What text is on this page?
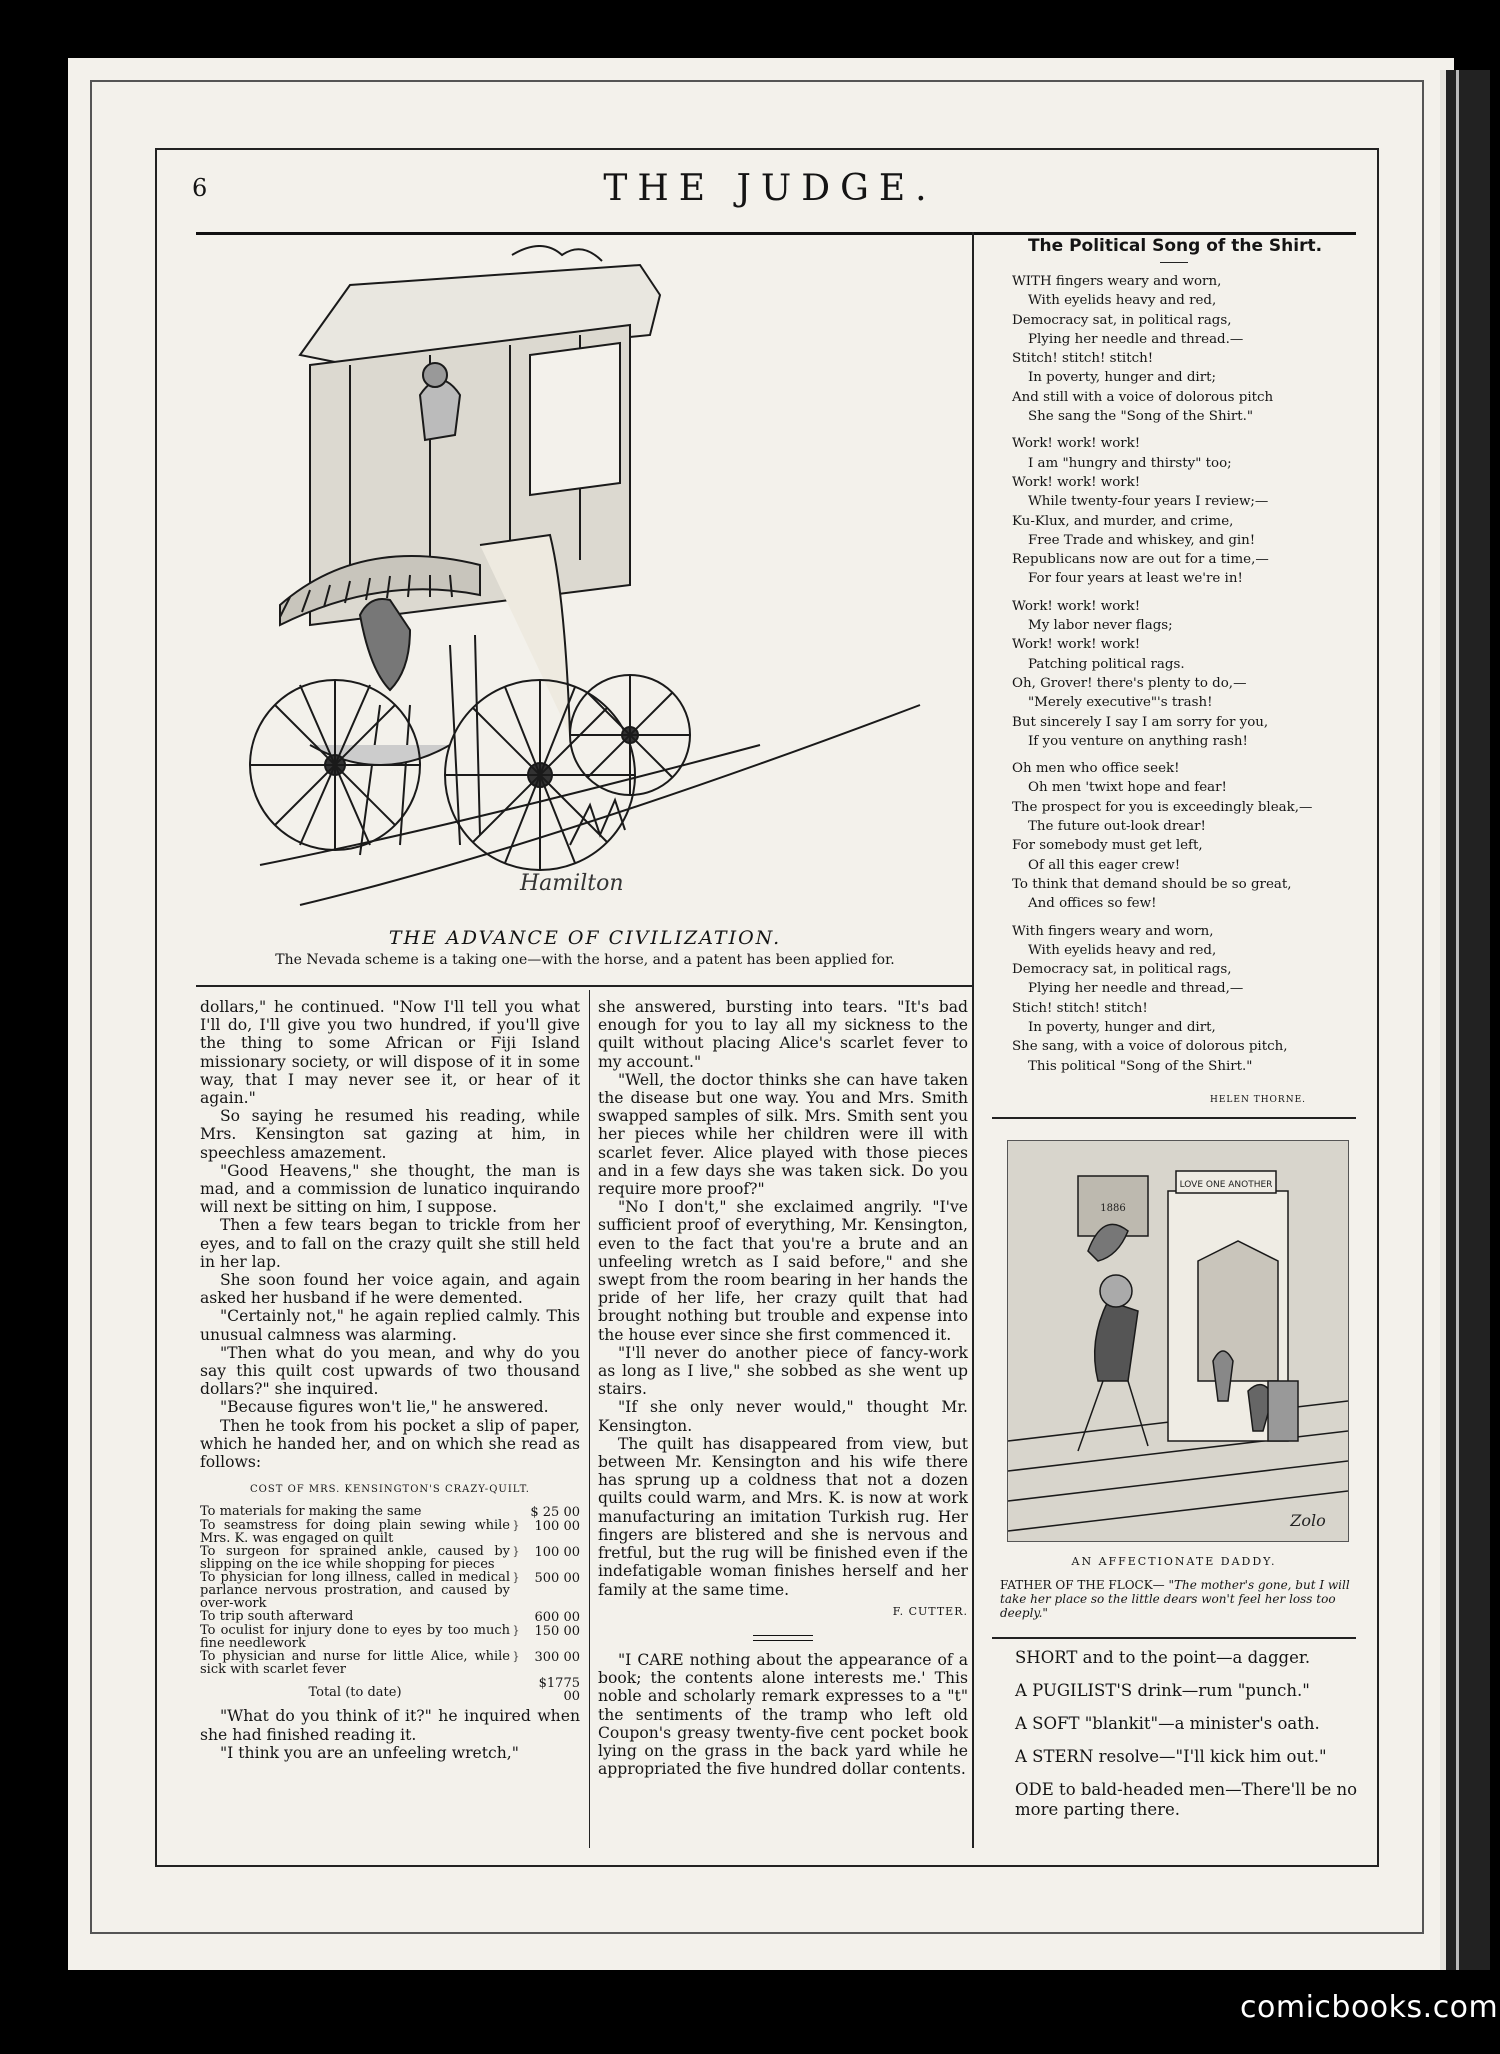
6	THE JUDGE.
Hamilton
THE ADVANCE OF CIVILIZATION.
The Nevada scheme is a taking one—with the horse, and a patent has been applied for.

dollars," he continued. "Now I'll tell you what I'll do, I'll give you two hundred, if you'll give the thing to some African or Fiji Island missionary society, or will dispose of it in some way, that I may never see it, or hear of it again."

So saying he resumed his reading, while Mrs. Kensington sat gazing at him, in speechless amazement.

"Good Heavens," she thought, the man is mad, and a commission de lunatico inquirando will next be sitting on him, I suppose.

Then a few tears began to trickle from her eyes, and to fall on the crazy quilt she still held in her lap.

She soon found her voice again, and again asked her husband if he were demented.

"Certainly not," he again replied calmly. This unusual calmness was alarming.

"Then what do you mean, and why do you say this quilt cost upwards of two thousand dollars?" she inquired.

"Because figures won't lie," he answered.

Then he took from his pocket a slip of paper, which he handed her, and on which she read as follows:

COST OF MRS. KENSINGTON'S CRAZY-QUILT.

To materials for making the same		$ 25 00
To seamstress for doing plain sewing while Mrs. K. was engaged on quilt	}	100 00
To surgeon for sprained ankle, caused by slipping on the ice while shopping for pieces	}	100 00
To physician for long illness, called in medical parlance nervous prostration, and caused by over-work	}	500 00
To trip south afterward		600 00
To oculist for injury done to eyes by too much fine needlework	}	150 00
To physician and nurse for little Alice, while sick with scarlet fever	}	300 00
Total (to date)		$1775 00

"What do you think of it?" he inquired when she had finished reading it.

"I think you are an unfeeling wretch,"

she answered, bursting into tears. "It's bad enough for you to lay all my sickness to the quilt without placing Alice's scarlet fever to my account."

"Well, the doctor thinks she can have taken the disease but one way. You and Mrs. Smith swapped samples of silk. Mrs. Smith sent you her pieces while her children were ill with scarlet fever. Alice played with those pieces and in a few days she was taken sick. Do you require more proof?"

"No I don't," she exclaimed angrily. "I've sufficient proof of everything, Mr. Kensington, even to the fact that you're a brute and an unfeeling wretch as I said before," and she swept from the room bearing in her hands the pride of her life, her crazy quilt that had brought nothing but trouble and expense into the house ever since she first commenced it.

"I'll never do another piece of fancy-work as long as I live," she sobbed as she went up stairs.

"If she only never would," thought Mr. Kensington.

The quilt has disappeared from view, but between Mr. Kensington and his wife there has sprung up a coldness that not a dozen quilts could warm, and Mrs. K. is now at work manufacturing an imitation Turkish rug. Her fingers are blistered and she is nervous and fretful, but the rug will be finished even if the indefatigable woman finishes herself and her family at the same time.

F. CUTTER.

"I CARE nothing about the appearance of a book; the contents alone interests me.' This noble and scholarly remark expresses to a "t" the sentiments of the tramp who left old Coupon's greasy twenty-five cent pocket book lying on the grass in the back yard while he appropriated the five hundred dollar contents.

The Political Song of the Shirt.
WITH fingers weary and worn,
With eyelids heavy and red,
Democracy sat, in political rags,
Plying her needle and thread.—
Stitch! stitch! stitch!
In poverty, hunger and dirt;
And still with a voice of dolorous pitch
She sang the "Song of the Shirt."
Work! work! work!
I am "hungry and thirsty" too;
Work! work! work!
While twenty-four years I review;—
Ku-Klux, and murder, and crime,
Free Trade and whiskey, and gin!
Republicans now are out for a time,—
For four years at least we're in!
Work! work! work!
My labor never flags;
Work! work! work!
Patching political rags.
Oh, Grover! there's plenty to do,—
"Merely executive"'s trash!
But sincerely I say I am sorry for you,
If you venture on anything rash!
Oh men who office seek!
Oh men 'twixt hope and fear!
The prospect for you is exceedingly bleak,—
The future out-look drear!
For somebody must get left,
Of all this eager crew!
To think that demand should be so great,
And offices so few!
With fingers weary and worn,
With eyelids heavy and red,
Democracy sat, in political rags,
Plying her needle and thread,—
Stich! stitch! stitch!
In poverty, hunger and dirt,
She sang, with a voice of dolorous pitch,
This political "Song of the Shirt."
HELEN THORNE.
LOVE ONE ANOTHER
1886
Zolo
AN AFFECTIONATE DADDY.
FATHER OF THE FLOCK— "The mother's gone, but I will take her place so the little dears won't feel her loss too deeply."

SHORT and to the point—a dagger.

A PUGILIST'S drink—rum "punch."

A SOFT "blankit"—a minister's oath.

A STERN resolve—"I'll kick him out."

ODE to bald-headed men—There'll be no more parting there.

comicbooks.com
